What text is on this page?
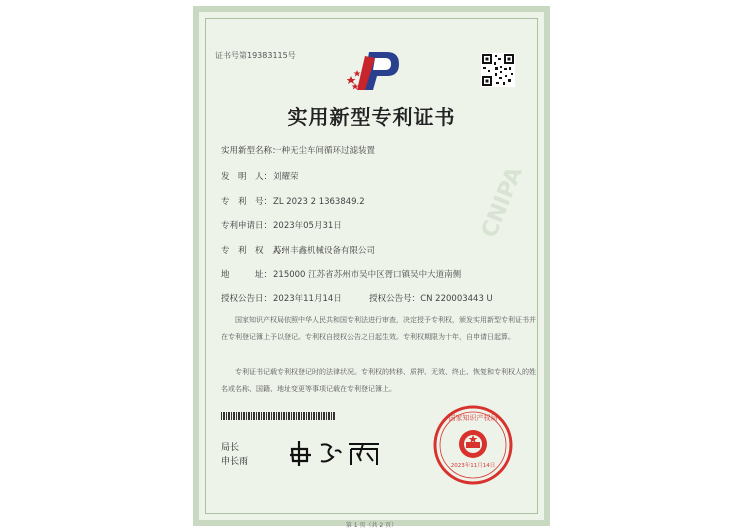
CNIPA
证书号第19383115号
实用新型专利证书
实用新型名称：一种无尘车间循环过滤装置
发　明　人：刘耀荣
专　利　号：ZL 2023 2 1363849.2
专利申请日：2023年05月31日
专　利　权　人：苏州丰鑫机械设备有限公司
地　　　址：215000 江苏省苏州市吴中区胥口镇吴中大道南侧
授权公告日：2023年11月14日	授权公告号：CN 220003443 U
国家知识产权局依照中华人民共和国专利法进行审查，决定授予专利权，颁发实用新型专利证书并在专利登记簿上予以登记。专利权自授权公告之日起生效。专利权期限为十年，自申请日起算。
专利证书记载专利权登记时的法律状况。专利权的转移、质押、无效、终止、恢复和专利权人的姓名或名称、国籍、地址变更等事项记载在专利登记簿上。
局长
申长雨	2023年11月14日
国家知识产权局
第 1 页（共 2 页）
